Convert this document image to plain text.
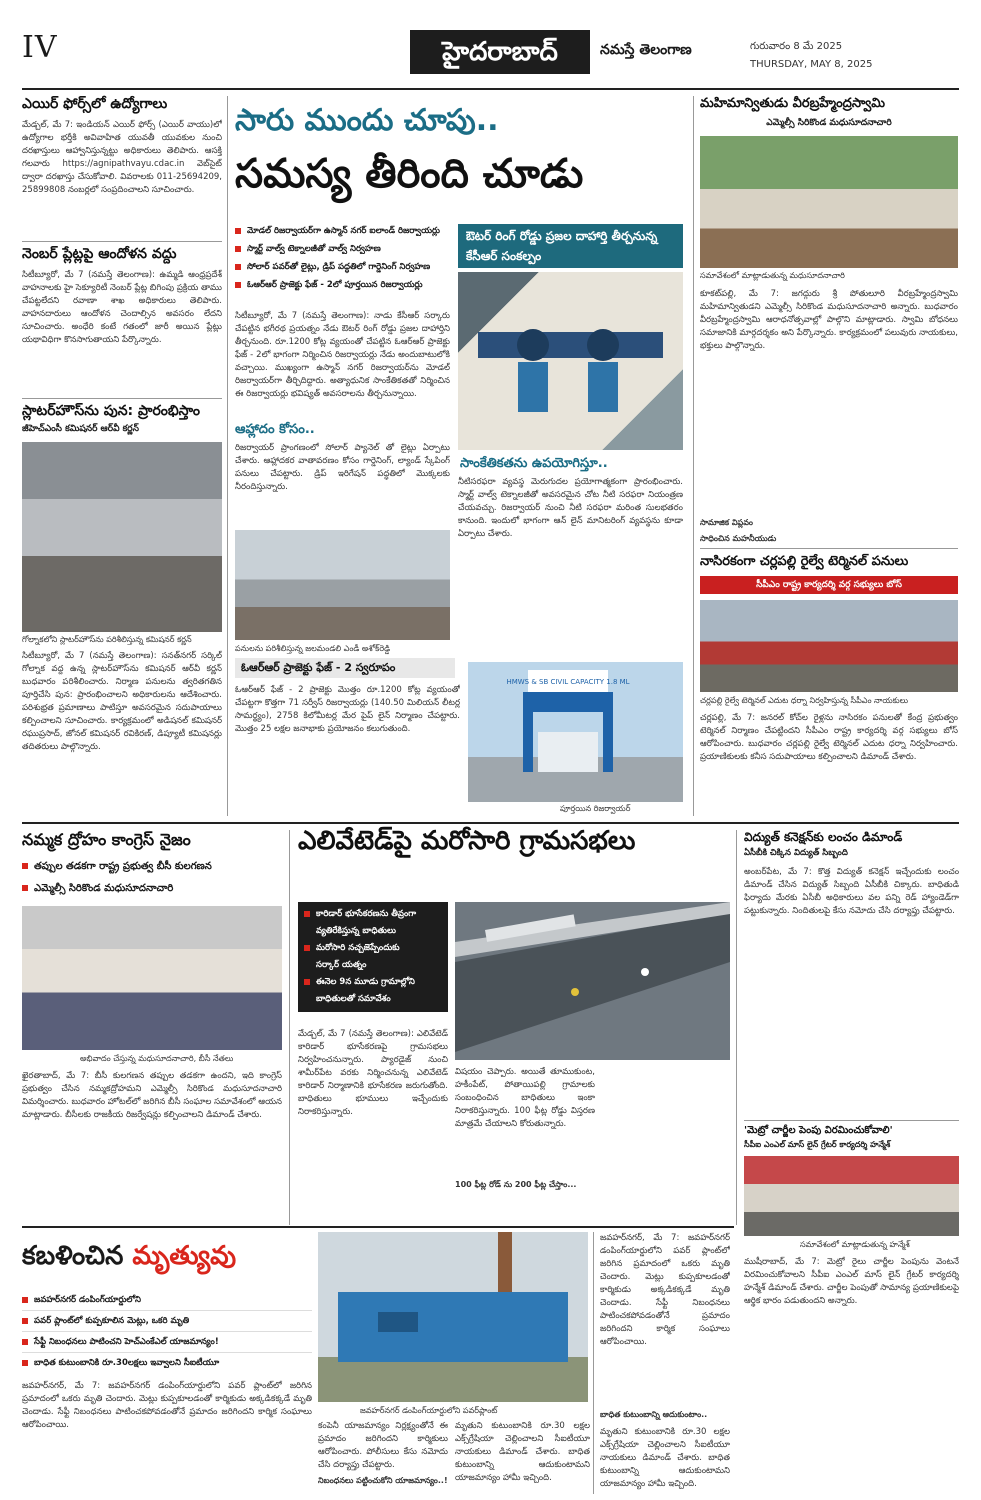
IV	హైదరాబాద్	నమస్తే తెలంగాణ	గురువారం 8 మే 2025
THURSDAY, MAY 8, 2025
ఎయిర్ ఫోర్స్‌లో ఉద్యోగాలు
మేడ్చల్, మే 7: ఇండియన్ ఎయిర్ ఫోర్స్ (ఎయిర్ వాయు)లో ఉద్యోగాల భర్తీకి అవివాహిత యువతీ యువకుల నుంచి దరఖాస్తులు ఆహ్వానిస్తున్నట్టు అధికారులు తెలిపారు. ఆసక్తి గలవారు https://agnipathvayu.cdac.in వెబ్‌సైట్ ద్వారా దరఖాస్తు చేసుకోవాలి. వివరాలకు 011-25694209, 25899808 నంబర్లలో సంప్రదించాలని సూచించారు.
నెంబర్ ప్లేట్లపై ఆందోళన వద్దు
సిటీబ్యూరో, మే 7 (నమస్తే తెలంగాణ): ఉమ్మడి ఆంధ్రప్రదేశ్ వాహనాలకు హై సెక్యూరిటీ నెంబర్ ప్లేట్ల బిగింపు ప్రక్రియ తాము చేపట్టలేదని రవాణా శాఖ అధికారులు తెలిపారు. వాహనదారులు ఆందోళన చెందాల్సిన అవసరం లేదని సూచించారు. అంధేరి కంటే గతంలో జారీ అయిన ప్లేట్లు యథావిధిగా కొనసాగుతాయని పేర్కొన్నారు.
స్లాటర్‌హౌస్‌ను పున: ప్రారంభిస్తాం
జీహెచ్‌ఎంసీ కమిషనర్ ఆర్‌వీ కర్ణన్
గోల్నాకలోని స్లాటర్‌హౌస్‌ను పరిశీలిస్తున్న కమిషనర్ కర్ణన్
సిటీబ్యూరో, మే 7 (నమస్తే తెలంగాణ): సనత్‌నగర్ సర్కిల్ గోల్నాక వద్ద ఉన్న స్లాటర్‌హౌస్‌ను కమిషనర్ ఆర్‌వీ కర్ణన్ బుధవారం పరిశీలించారు. నిర్మాణ పనులను త్వరితగతిన పూర్తిచేసి పున: ప్రారంభించాలని అధికారులను ఆదేశించారు. పరిశుభ్రత ప్రమాణాలు పాటిస్తూ అవసరమైన సదుపాయాలు కల్పించాలని సూచించారు. కార్యక్రమంలో అడిషనల్ కమిషనర్ రఘుప్రసాద్, జోనల్ కమిషనర్ రవికిరణ్, డిప్యూటీ కమిషనర్లు తదితరులు పాల్గొన్నారు.
సారు ముందు చూపు..
సమస్య తీరింది చూడు
మోడల్ రిజర్వాయర్‌గా ఉస్మాన్ నగర్ ఐలాండ్ రిజర్వాయర్లు
స్మార్ట్ వాల్వ్ టెక్నాలజీతో వాల్వ్ నిర్వహణ
సోలార్ పవర్‌తో లైట్లు, డ్రిప్ పద్ధతిలో గార్డెనింగ్ నిర్వహణ
ఓఆర్ఆర్ ప్రాజెక్టు ఫేజ్ - 2లో పూర్తయిన రిజర్వాయర్లు
ఔటర్ రింగ్ రోడ్డు ప్రజల దాహార్తి తీర్చనున్న కేసీఆర్ సంకల్పం
సిటీబ్యూరో, మే 7 (నమస్తే తెలంగాణ): నాడు కేసీఆర్ సర్కారు చేపట్టిన భగీరథ ప్రయత్నం నేడు ఔటర్ రింగ్ రోడ్డు ప్రజల దాహార్తిని తీర్చనుంది. రూ.1200 కోట్ల వ్యయంతో చేపట్టిన ఓఆర్ఆర్ ప్రాజెక్టు ఫేజ్ - 2లో భాగంగా నిర్మించిన రిజర్వాయర్లు నేడు అందుబాటులోకి వచ్చాయి. ముఖ్యంగా ఉస్మాన్ నగర్ రిజర్వాయర్‌ను మోడల్ రిజర్వాయర్‌గా తీర్చిదిద్దారు. అత్యాధునిక సాంకేతికతతో నిర్మించిన ఈ రిజర్వాయర్లు భవిష్యత్ అవసరాలను తీర్చనున్నాయి.
ఆహ్లాదం కోసం..
రిజర్వాయర్ ప్రాంగణంలో సోలార్ ప్యానెల్ తో లైట్లు ఏర్పాటు చేశారు. ఆహ్లాదకర వాతావరణం కోసం గార్డెనింగ్, ల్యాండ్ స్కేపింగ్ పనులు చేపట్టారు. డ్రిప్ ఇరిగేషన్ పద్ధతిలో మొక్కలకు నీరందిస్తున్నారు.
పనులను పరిశీలిస్తున్న జలమండలి ఎండీ అశోక్‌రెడ్డి
సాంకేతికతను ఉపయోగిస్తూ..
నీటిసరఫరా వ్యవస్థ మెరుగుదల ప్రయోగాత్మకంగా ప్రారంభించారు. స్మార్ట్ వాల్వ్ టెక్నాలజీతో అవసరమైన చోట నీటి సరఫరా నియంత్రణ చేయవచ్చు. రిజర్వాయర్ నుంచి నీటి సరఫరా మరింత సులభతరం కానుంది. ఇందులో భాగంగా ఆన్ లైన్ మానిటరింగ్ వ్యవస్థను కూడా ఏర్పాటు చేశారు.
ఓఆర్ఆర్ ప్రాజెక్టు ఫేజ్ - 2 స్వరూపం
ఓఆర్ఆర్ ఫేజ్ - 2 ప్రాజెక్టు మొత్తం రూ.1200 కోట్ల వ్యయంతో చేపట్టగా కొత్తగా 71 సర్వీస్ రిజర్వాయర్లు (140.50 మిలియన్ లీటర్ల సామర్థ్యం), 2758 కిలోమీటర్ల మేర పైప్ లైన్ నిర్మాణం చేపట్టారు. మొత్తం 25 లక్షల జనాభాకు ప్రయోజనం కలుగుతుంది.
HMWS & SB CIVIL CAPACITY 1.8 ML
పూర్తయిన రిజర్వాయర్
మహిమాన్వితుడు వీరబ్రహ్మేంద్రస్వామి
ఎమ్మెల్సీ సిరికొండ మధుసూదనాచారి
సమావేశంలో మాట్లాడుతున్న మధుసూదనాచారి
కూకట్‌పల్లి, మే 7: జగద్గురు శ్రీ పోతులూరి వీరబ్రహ్మేంద్రస్వామి మహిమాన్వితుడని ఎమ్మెల్సీ సిరికొండ మధుసూదనాచారి అన్నారు. బుధవారం వీరబ్రహ్మేంద్రస్వామి ఆరాధనోత్సవాల్లో పాల్గొని మాట్లాడారు. స్వామి బోధనలు సమాజానికి మార్గదర్శకం అని పేర్కొన్నారు. కార్యక్రమంలో పలువురు నాయకులు, భక్తులు పాల్గొన్నారు.
సామాజిక విప్లవం
సాధించిన మహనీయుడు
నాసిరకంగా చర్లపల్లి రైల్వే టెర్మినల్ పనులు
సీపీఎం రాష్ట్ర కార్యదర్శి వర్గ సభ్యులు బోస్
చర్లపల్లి రైల్వే టెర్మినల్ ఎదుట ధర్నా నిర్వహిస్తున్న సీపీఎం నాయకులు
చర్లపల్లి, మే 7: జనరల్ కోచ్‌ల రైళ్లను నాసిరకం పనులతో కేంద్ర ప్రభుత్వం టెర్మినల్ నిర్మాణం చేపట్టిందని సీపీఎం రాష్ట్ర కార్యదర్శి వర్గ సభ్యులు బోస్ ఆరోపించారు. బుధవారం చర్లపల్లి రైల్వే టెర్మినల్ ఎదుట ధర్నా నిర్వహించారు. ప్రయాణికులకు కనీస సదుపాయాలు కల్పించాలని డిమాండ్ చేశారు.
నమ్మక ద్రోహం కాంగ్రెస్ నైజం
తప్పుల తడకగా రాష్ట్ర ప్రభుత్వ బీసీ కులగణన
ఎమ్మెల్సీ సిరికొండ మధుసూదనాచారి
అభివాదం చేస్తున్న మధుసూదనాచారి, బీసీ నేతలు
ఖైరతాబాద్, మే 7: బీసీ కులగణన తప్పుల తడకగా ఉందని, ఇది కాంగ్రెస్ ప్రభుత్వం చేసిన నమ్మకద్రోహమని ఎమ్మెల్సీ సిరికొండ మధుసూదనాచారి విమర్శించారు. బుధవారం హోటల్‌లో జరిగిన బీసీ సంఘాల సమావేశంలో ఆయన మాట్లాడారు. బీసీలకు రాజకీయ రిజర్వేషన్లు కల్పించాలని డిమాండ్ చేశారు.
ఎలివేటెడ్‌పై మరోసారి గ్రామసభలు
కారిడార్ భూసేకరణను తీవ్రంగా
వ్యతిరేకిస్తున్న బాధితులు
మరోసారి నచ్చజెప్పేందుకు
సర్కార్ యత్నం
ఈనెల 9న మూడు గ్రామాల్లోని
బాధితులతో సమావేశం
మేడ్చల్, మే 7 (నమస్తే తెలంగాణ): ఎలివేటెడ్ కారిడార్ భూసేకరణపై గ్రామసభలు నిర్వహించనున్నారు. ప్యారడైజ్ నుంచి శామీర్‌పేట వరకు నిర్మించనున్న ఎలివేటెడ్ కారిడార్ నిర్మాణానికి భూసేకరణ జరుగుతోంది. బాధితులు భూములు ఇచ్చేందుకు నిరాకరిస్తున్నారు.
విషయం చెప్పారు. అయితే తూముకుంట, హకీంపేట్, పోతాయిపల్లి గ్రామాలకు సంబంధించిన బాధితులు ఇంకా నిరాకరిస్తున్నారు. 100 ఫీట్ల రోడ్డు విస్తరణ మాత్రమే చేయాలని కోరుతున్నారు.
100 ఫీట్ల రోడ్ ను 200 ఫీట్ల చేస్తాం...
విద్యుత్ కనెక్షన్‌కు లంచం డిమాండ్
ఏసీబీకి చిక్కిన విద్యుత్ సిబ్బంది
అంబర్‌పేట, మే 7: కొత్త విద్యుత్ కనెక్షన్ ఇచ్చేందుకు లంచం డిమాండ్ చేసిన విద్యుత్ సిబ్బంది ఏసీబీకి చిక్కారు. బాధితుడి ఫిర్యాదు మేరకు ఏసీబీ అధికారులు వల పన్ని రెడ్ హ్యాండెడ్‌గా పట్టుకున్నారు. నిందితులపై కేసు నమోదు చేసి దర్యాప్తు చేపట్టారు.
'మెట్రో చార్జీల పెంపు విరమించుకోవాలి'
సీపీఐ ఎంఎల్ మాస్ లైన్ గ్రేటర్ కార్యదర్శి హన్మేశ్
సమావేశంలో మాట్లాడుతున్న హన్మేశ్
ముషీరాబాద్, మే 7: మెట్రో రైలు చార్జీల పెంపును వెంటనే విరమించుకోవాలని సీపీఐ ఎంఎల్ మాస్ లైన్ గ్రేటర్ కార్యదర్శి హన్మేశ్ డిమాండ్ చేశారు. చార్జీల పెంపుతో సామాన్య ప్రయాణికులపై ఆర్థిక భారం పడుతుందని అన్నారు.
కబళించిన మృత్యువు
జవహర్‌నగర్ డంపింగ్‌యార్డులోని
పవర్ ప్లాంట్‌లో కుప్పకూలిన మెట్లు, ఒకరి మృతి
సేఫ్టీ నిబంధనలు పాటించని హెచ్‌ఎంకేఎల్‌ యాజమాన్యం!
బాధిత కుటుంబానికి రూ.30లక్షలు ఇవ్వాలని సీఐటీయూ
జవహర్‌నగర్, మే 7: జవహర్‌నగర్ డంపింగ్‌యార్డులోని పవర్ ప్లాంట్‌లో జరిగిన ప్రమాదంలో ఒకరు మృతి చెందారు. మెట్లు కుప్పకూలడంతో కార్మికుడు అక్కడికక్కడే మృతి చెందాడు. సేఫ్టీ నిబంధనలు పాటించకపోవడంతోనే ప్రమాదం జరిగిందని కార్మిక సంఘాలు ఆరోపించాయి.
జవహర్‌నగర్ డంపింగ్‌యార్డులోని పవర్‌ప్లాంట్
కంపెనీ యాజమాన్యం నిర్లక్ష్యంతోనే ఈ ప్రమాదం జరిగిందని కార్మికులు ఆరోపించారు. పోలీసులు కేసు నమోదు చేసి దర్యాప్తు చేపట్టారు.
నిబంధనలు పట్టించుకోని యాజమాన్యం..!
మృతుని కుటుంబానికి రూ.30 లక్షల ఎక్స్‌గ్రేషియా చెల్లించాలని సీఐటీయూ నాయకులు డిమాండ్ చేశారు. బాధిత కుటుంబాన్ని ఆదుకుంటామని యాజమాన్యం హామీ ఇచ్చింది.
జవహర్‌నగర్, మే 7: జవహర్‌నగర్ డంపింగ్‌యార్డులోని పవర్ ప్లాంట్‌లో జరిగిన ప్రమాదంలో ఒకరు మృతి చెందారు. మెట్లు కుప్పకూలడంతో కార్మికుడు అక్కడికక్కడే మృతి చెందాడు. సేఫ్టీ నిబంధనలు పాటించకపోవడంతోనే ప్రమాదం జరిగిందని కార్మిక సంఘాలు ఆరోపించాయి.
బాధిత కుటుంబాన్ని ఆదుకుంటాం..
మృతుని కుటుంబానికి రూ.30 లక్షల ఎక్స్‌గ్రేషియా చెల్లించాలని సీఐటీయూ నాయకులు డిమాండ్ చేశారు. బాధిత కుటుంబాన్ని ఆదుకుంటామని యాజమాన్యం హామీ ఇచ్చింది.
